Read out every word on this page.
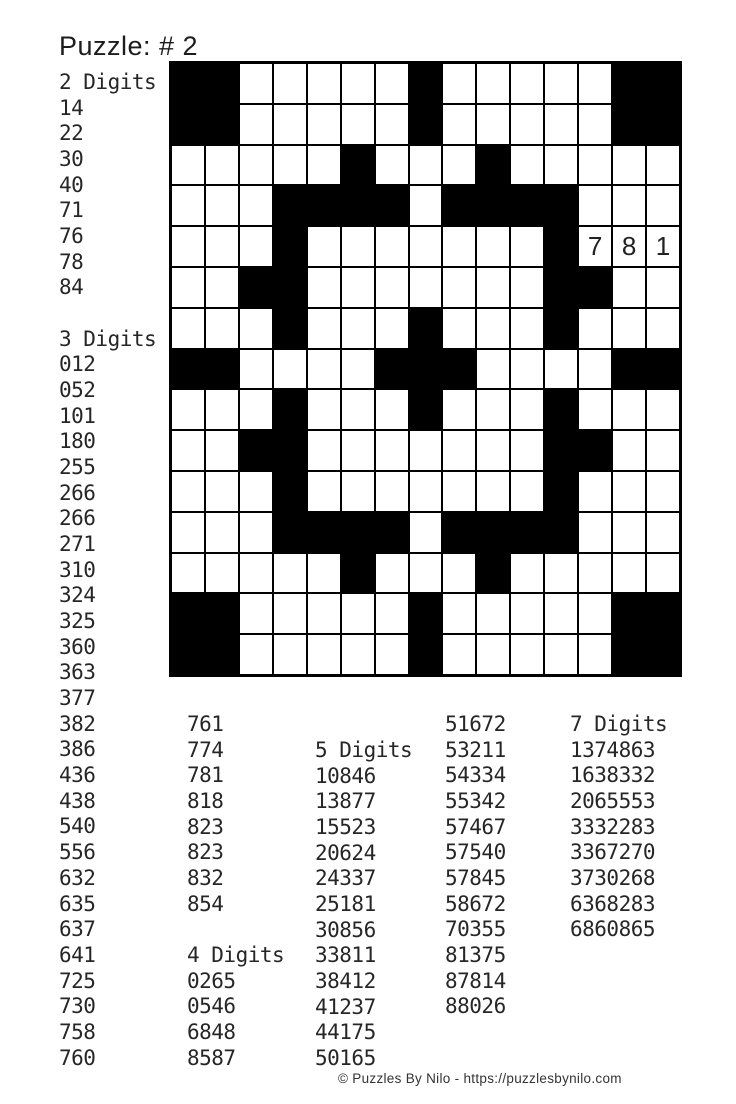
Puzzle: # 2
7 8 1
2 Digits
14
22
30
40
71
76
78
84
3 Digits
012
052
101
180
255
266
266
271
310
324
325
360
363
377
382
386
436
438
540
556
632
635
637
641
725
730
758
760
761
774
781
818
823
823
832
854
4 Digits
0265
0546
6848
8587
5 Digits
10846
13877
15523
20624
24337
25181
30856
33811
38412
41237
44175
50165
51672
53211
54334
55342
57467
57540
57845
58672
70355
81375
87814
88026
7 Digits
1374863
1638332
2065553
3332283
3367270
3730268
6368283
6860865
© Puzzles By Nilo - https://puzzlesbynilo.com
